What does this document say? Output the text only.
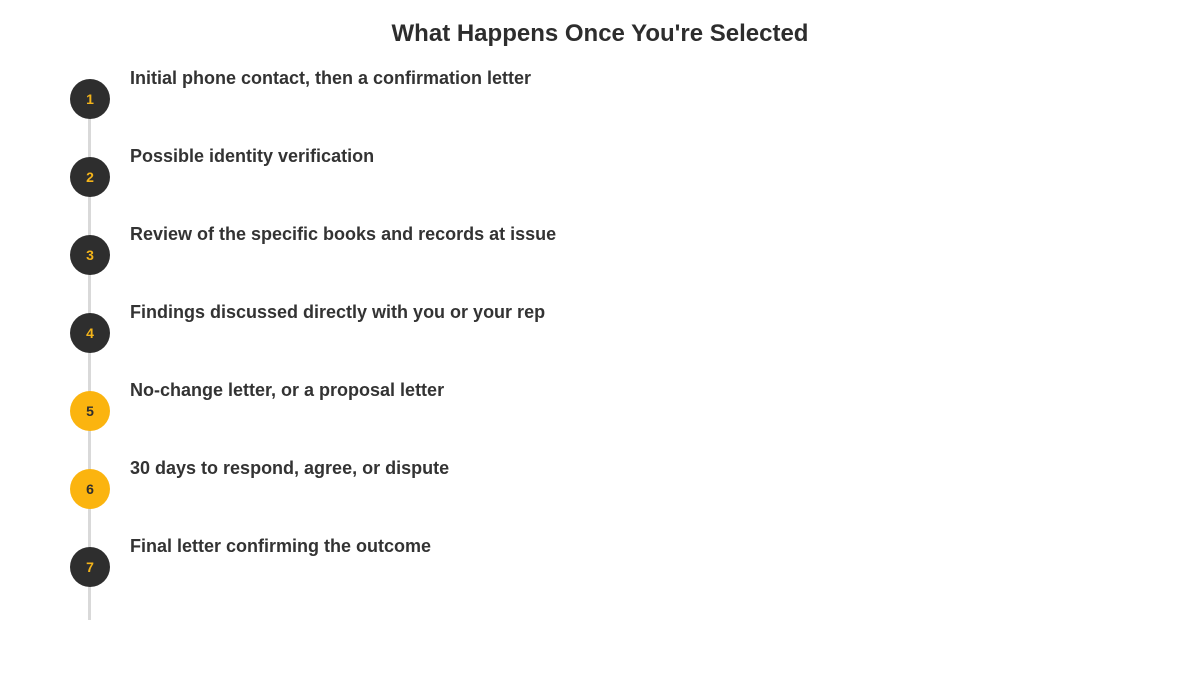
What Happens Once You're Selected
1
Initial phone contact, then a confirmation letter
2
Possible identity verification
3
Review of the specific books and records at issue
4
Findings discussed directly with you or your rep
5
No-change letter, or a proposal letter
6
30 days to respond, agree, or dispute
7
Final letter confirming the outcome
